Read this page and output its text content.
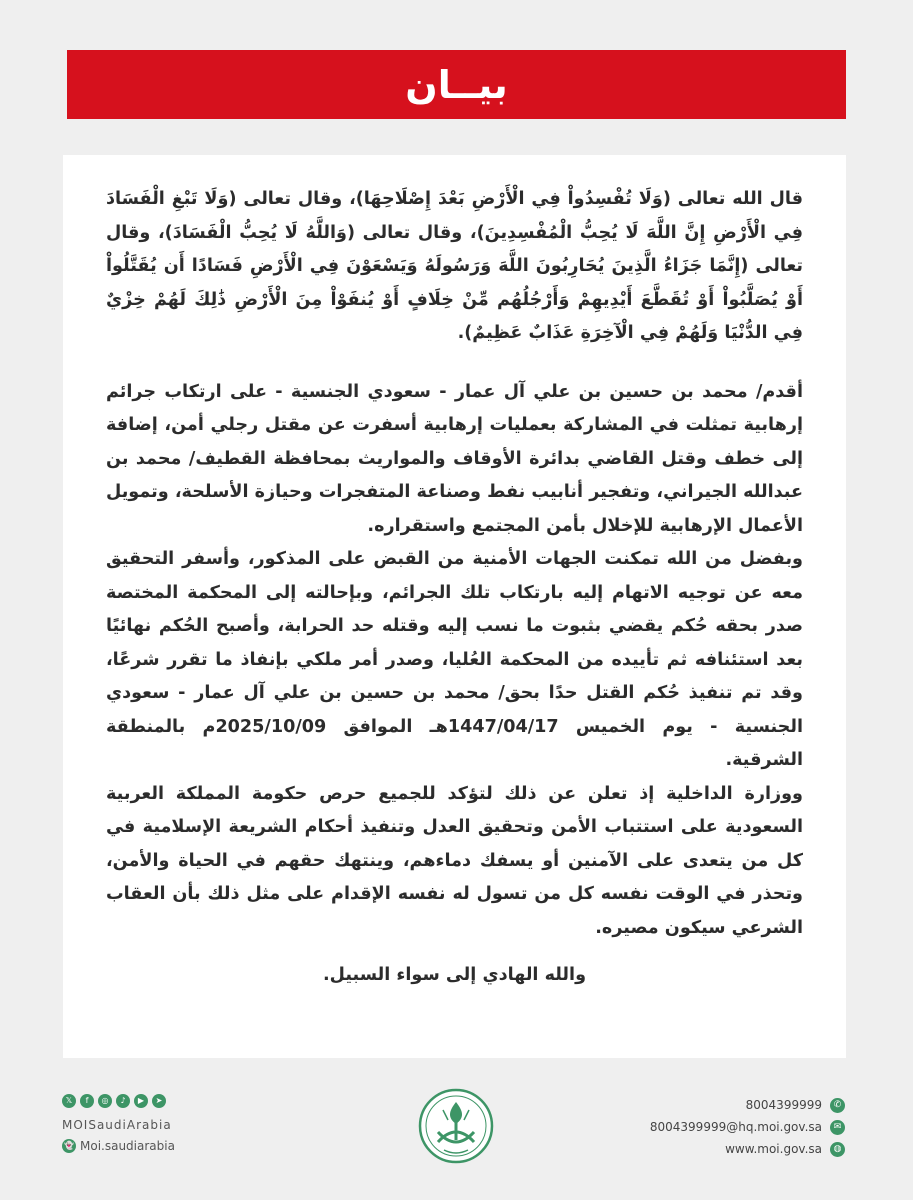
بيــان

قال الله تعالى (وَلَا تُفْسِدُواْ فِي الْأَرْضِ بَعْدَ إِصْلَاحِهَا)، وقال تعالى (وَلَا تَبْغِ الْفَسَادَ فِي الْأَرْضِ إِنَّ اللَّهَ لَا يُحِبُّ الْمُفْسِدِينَ)، وقال تعالى (وَاللَّهُ لَا يُحِبُّ الْفَسَادَ)، وقال تعالى (إِنَّمَا جَزَاءُ الَّذِينَ يُحَارِبُونَ اللَّهَ وَرَسُولَهُ وَيَسْعَوْنَ فِي الْأَرْضِ فَسَادًا أَن يُقَتَّلُواْ أَوْ يُصَلَّبُواْ أَوْ تُقَطَّعَ أَيْدِيهِمْ وَأَرْجُلُهُم مِّنْ خِلَافٍ أَوْ يُنفَوْاْ مِنَ الْأَرْضِ ذَٰلِكَ لَهُمْ خِزْيٌ فِي الدُّنْيَا وَلَهُمْ فِي الْآخِرَةِ عَذَابٌ عَظِيمٌ).

أقدم/ محمد بن حسين بن علي آل عمار - سعودي الجنسية - على ارتكاب جرائم إرهابية تمثلت في المشاركة بعمليات إرهابية أسفرت عن مقتل رجلي أمن، إضافة إلى خطف وقتل القاضي بدائرة الأوقاف والمواريث بمحافظة القطيف/ محمد بن عبدالله الجيراني، وتفجير أنابيب نفط وصناعة المتفجرات وحيازة الأسلحة، وتمويل الأعمال الإرهابية للإخلال بأمن المجتمع واستقراره.

وبفضل من الله تمكنت الجهات الأمنية من القبض على المذكور، وأسفر التحقيق معه عن توجيه الاتهام إليه بارتكاب تلك الجرائم، وبإحالته إلى المحكمة المختصة صدر بحقه حُكم يقضي بثبوت ما نسب إليه وقتله حد الحرابة، وأصبح الحُكم نهائيًا بعد استئنافه ثم تأييده من المحكمة العُليا، وصدر أمر ملكي بإنفاذ ما تقرر شرعًا، وقد تم تنفيذ حُكم القتل حدًا بحق/ محمد بن حسين بن علي آل عمار - سعودي الجنسية - يوم الخميس 1447/04/17هـ الموافق 2025/10/09م بالمنطقة الشرقية.

ووزارة الداخلية إذ تعلن عن ذلك لتؤكد للجميع حرص حكومة المملكة العربية السعودية على استتباب الأمن وتحقيق العدل وتنفيذ أحكام الشريعة الإسلامية في كل من يتعدى على الآمنين أو يسفك دماءهم، وينتهك حقهم في الحياة والأمن، وتحذر في الوقت نفسه كل من تسول له نفسه الإقدام على مثل ذلك بأن العقاب الشرعي سيكون مصيره.

والله الهادي إلى سواء السبيل.

𝕏	f	◎	♪	▶	➤
MOISaudiArabia
👻 Moi.saudiarabia
8004399999	✆
8004399999@hq.moi.gov.sa	✉
www.moi.gov.sa	◍
